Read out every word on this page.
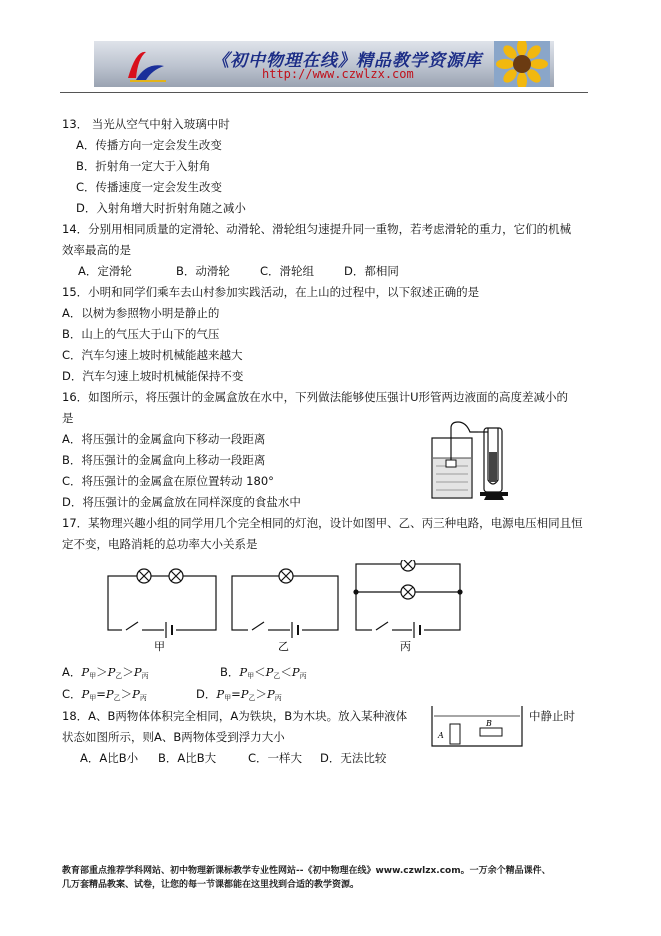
《初中物理在线》精品教学资源库
http://www.czwlzx.com
13． 当光从空气中射入玻璃中时
A．传播方向一定会发生改变
B．折射角一定大于入射角
C．传播速度一定会发生改变
D．入射角增大时折射角随之减小
14．分别用相同质量的定滑轮、动滑轮、滑轮组匀速提升同一重物，若考虑滑轮的重力，它们的机械
效率最高的是
A．定滑轮	B．动滑轮	C．滑轮组	D．都相同
15．小明和同学们乘车去山村参加实践活动，在上山的过程中，以下叙述正确的是
A．以树为参照物小明是静止的
B．山上的气压大于山下的气压
C．汽车匀速上坡时机械能越来越大
D．汽车匀速上坡时机械能保持不变
16．如图所示，将压强计的金属盒放在水中，下列做法能够使压强计U形管两边液面的高度差减小的
是
A．将压强计的金属盒向下移动一段距离
B．将压强计的金属盒向上移动一段距离
C．将压强计的金属盒在原位置转动 180°
D．将压强计的金属盒放在同样深度的食盐水中
17．某物理兴趣小组的同学用几个完全相同的灯泡，设计如图甲、乙、丙三种电路，电源电压相同且恒
定不变，电路消耗的总功率大小关系是
甲	乙	丙
A．$P_甲>P_乙>P_丙$	B．$P_甲<P_乙<P_丙$
C．$P_甲=P_乙>P_丙$	D．$P_甲=P_乙>P_丙$
18．A、B两物体体积完全相同，A为铁块，B为木块。放入某种液体	中静止时
状态如图所示，则A、B两物体受到浮力大小
A．A比B小 B．A比B大	C．一样大 D．无法比较
A
B
教育部重点推荐学科网站、初中物理新课标教学专业性网站--《初中物理在线》www.czwlzx.com。一万余个精品课件、
几万套精品教案、试卷，让您的每一节课都能在这里找到合适的教学资源。
